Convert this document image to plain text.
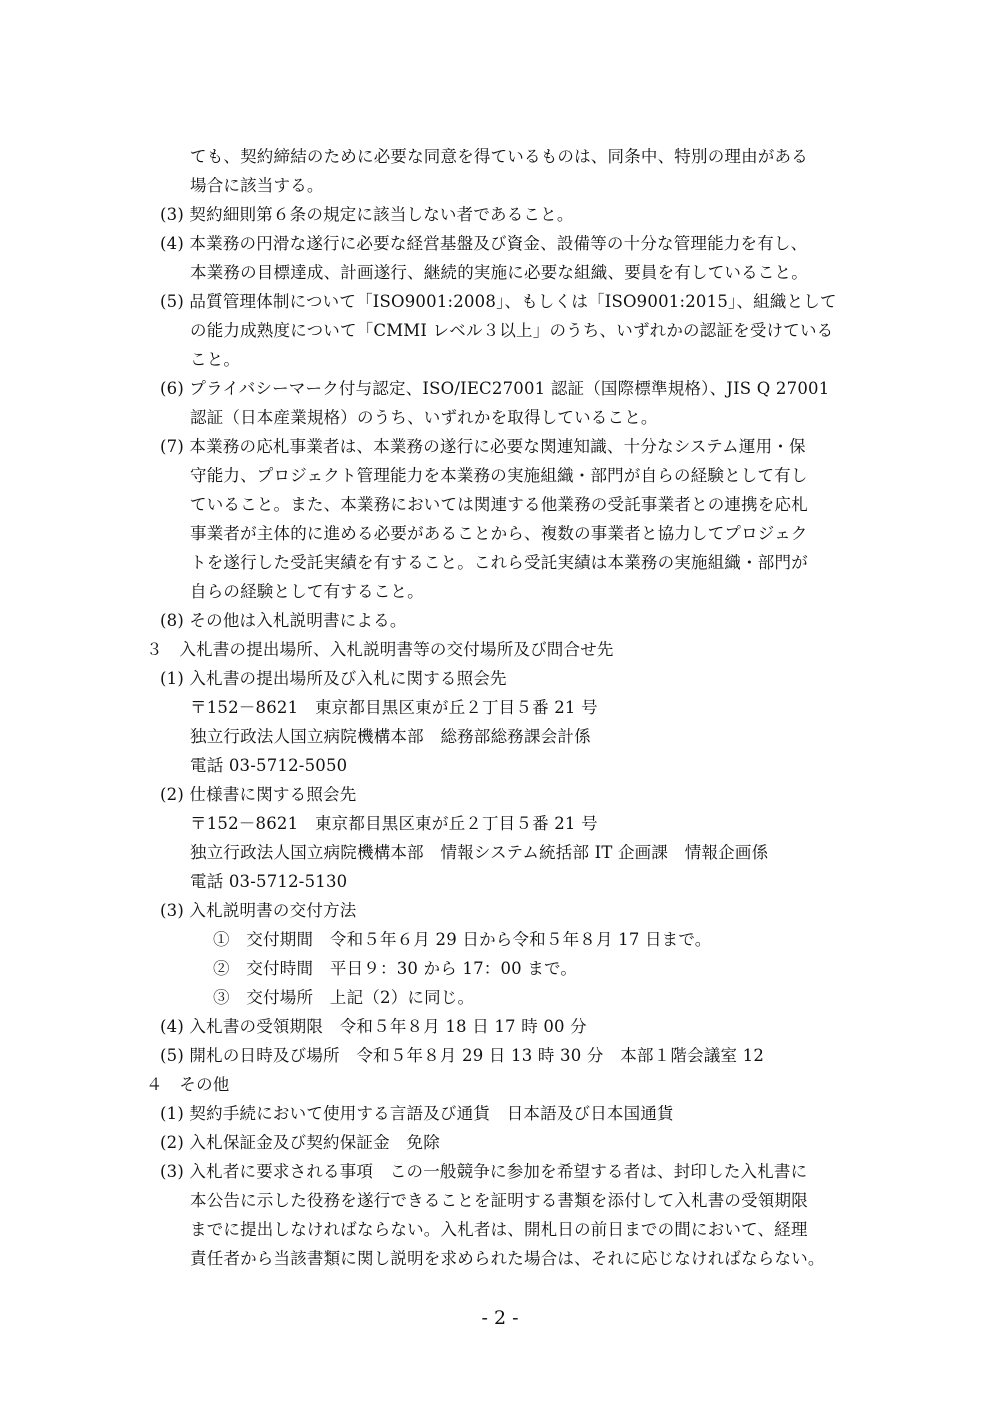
ても、契約締結のために必要な同意を得ているものは、同条中、特別の理由がある
場合に該当する。
(3) 契約細則第６条の規定に該当しない者であること。
(4) 本業務の円滑な遂行に必要な経営基盤及び資金、設備等の十分な管理能力を有し、
本業務の目標達成、計画遂行、継続的実施に必要な組織、要員を有していること。
(5) 品質管理体制について「ISO9001:2008」、もしくは「ISO9001:2015」、組織として
の能力成熟度について「CMMI レベル３以上」のうち、いずれかの認証を受けている
こと。
(6) プライバシーマーク付与認定、ISO/IEC27001 認証（国際標準規格）、JIS Q 27001
認証（日本産業規格）のうち、いずれかを取得していること。
(7) 本業務の応札事業者は、本業務の遂行に必要な関連知識、十分なシステム運用・保
守能力、プロジェクト管理能力を本業務の実施組織・部門が自らの経験として有し
ていること。また、本業務においては関連する他業務の受託事業者との連携を応札
事業者が主体的に進める必要があることから、複数の事業者と協力してプロジェク
トを遂行した受託実績を有すること。これら受託実績は本業務の実施組織・部門が
自らの経験として有すること。
(8) その他は入札説明書による。
３　入札書の提出場所、入札説明書等の交付場所及び問合せ先
(1) 入札書の提出場所及び入札に関する照会先
〒152－8621　東京都目黒区東が丘２丁目５番 21 号
独立行政法人国立病院機構本部　総務部総務課会計係
電話 03-5712-5050
(2) 仕様書に関する照会先
〒152－8621　東京都目黒区東が丘２丁目５番 21 号
独立行政法人国立病院機構本部　情報システム統括部 IT 企画課　情報企画係
電話 03-5712-5130
(3) 入札説明書の交付方法
①　交付期間　令和５年６月 29 日から令和５年８月 17 日まで。
②　交付時間　平日９：30 から 17：00 まで。
③　交付場所　上記（2）に同じ。
(4) 入札書の受領期限　令和５年８月 18 日 17 時 00 分
(5) 開札の日時及び場所　令和５年８月 29 日 13 時 30 分　本部１階会議室 12
４　その他
(1) 契約手続において使用する言語及び通貨　日本語及び日本国通貨
(2) 入札保証金及び契約保証金　免除
(3) 入札者に要求される事項　この一般競争に参加を希望する者は、封印した入札書に
本公告に示した役務を遂行できることを証明する書類を添付して入札書の受領期限
までに提出しなければならない。入札者は、開札日の前日までの間において、経理
責任者から当該書類に関し説明を求められた場合は、それに応じなければならない。
- 2 -
